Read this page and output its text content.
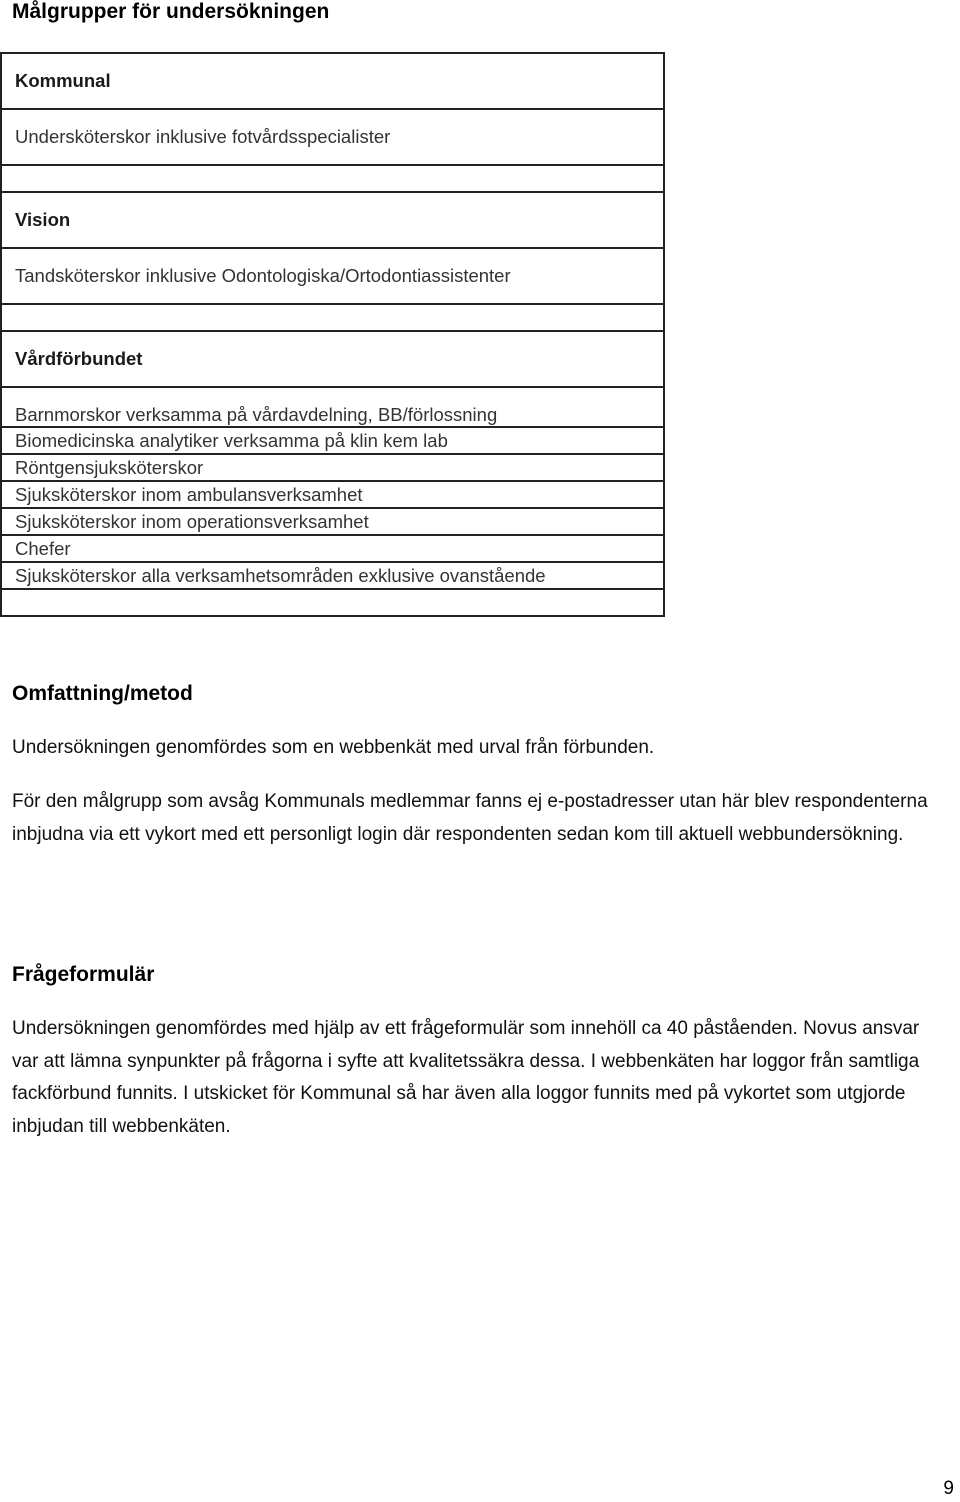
Målgrupper för undersökningen
Kommunal
Undersköterskor inklusive fotvårdsspecialister

Vision
Tandsköterskor inklusive Odontologiska/Ortodontiassistenter

Vårdförbundet
Barnmorskor verksamma på vårdavdelning, BB/förlossning
Biomedicinska analytiker verksamma på klin kem lab
Röntgensjuksköterskor
Sjuksköterskor inom ambulansverksamhet
Sjuksköterskor inom operationsverksamhet
Chefer
Sjuksköterskor alla verksamhetsområden exklusive ovanstående

Omfattning/metod

Undersökningen genomfördes som en webbenkät med urval från förbunden.

För den målgrupp som avsåg Kommunals medlemmar fanns ej e-postadresser utan här blev respondenterna inbjudna via ett vykort med ett personligt login där respondenten sedan kom till aktuell webbundersökning.

Frågeformulär

Undersökningen genomfördes med hjälp av ett frågeformulär som innehöll ca 40 påståenden. Novus ansvar var att lämna synpunkter på frågorna i syfte att kvalitetssäkra dessa. I webbenkäten har loggor från samtliga fackförbund funnits. I utskicket för Kommunal så har även alla loggor funnits med på vykortet som utgjorde inbjudan till webbenkäten.

9
